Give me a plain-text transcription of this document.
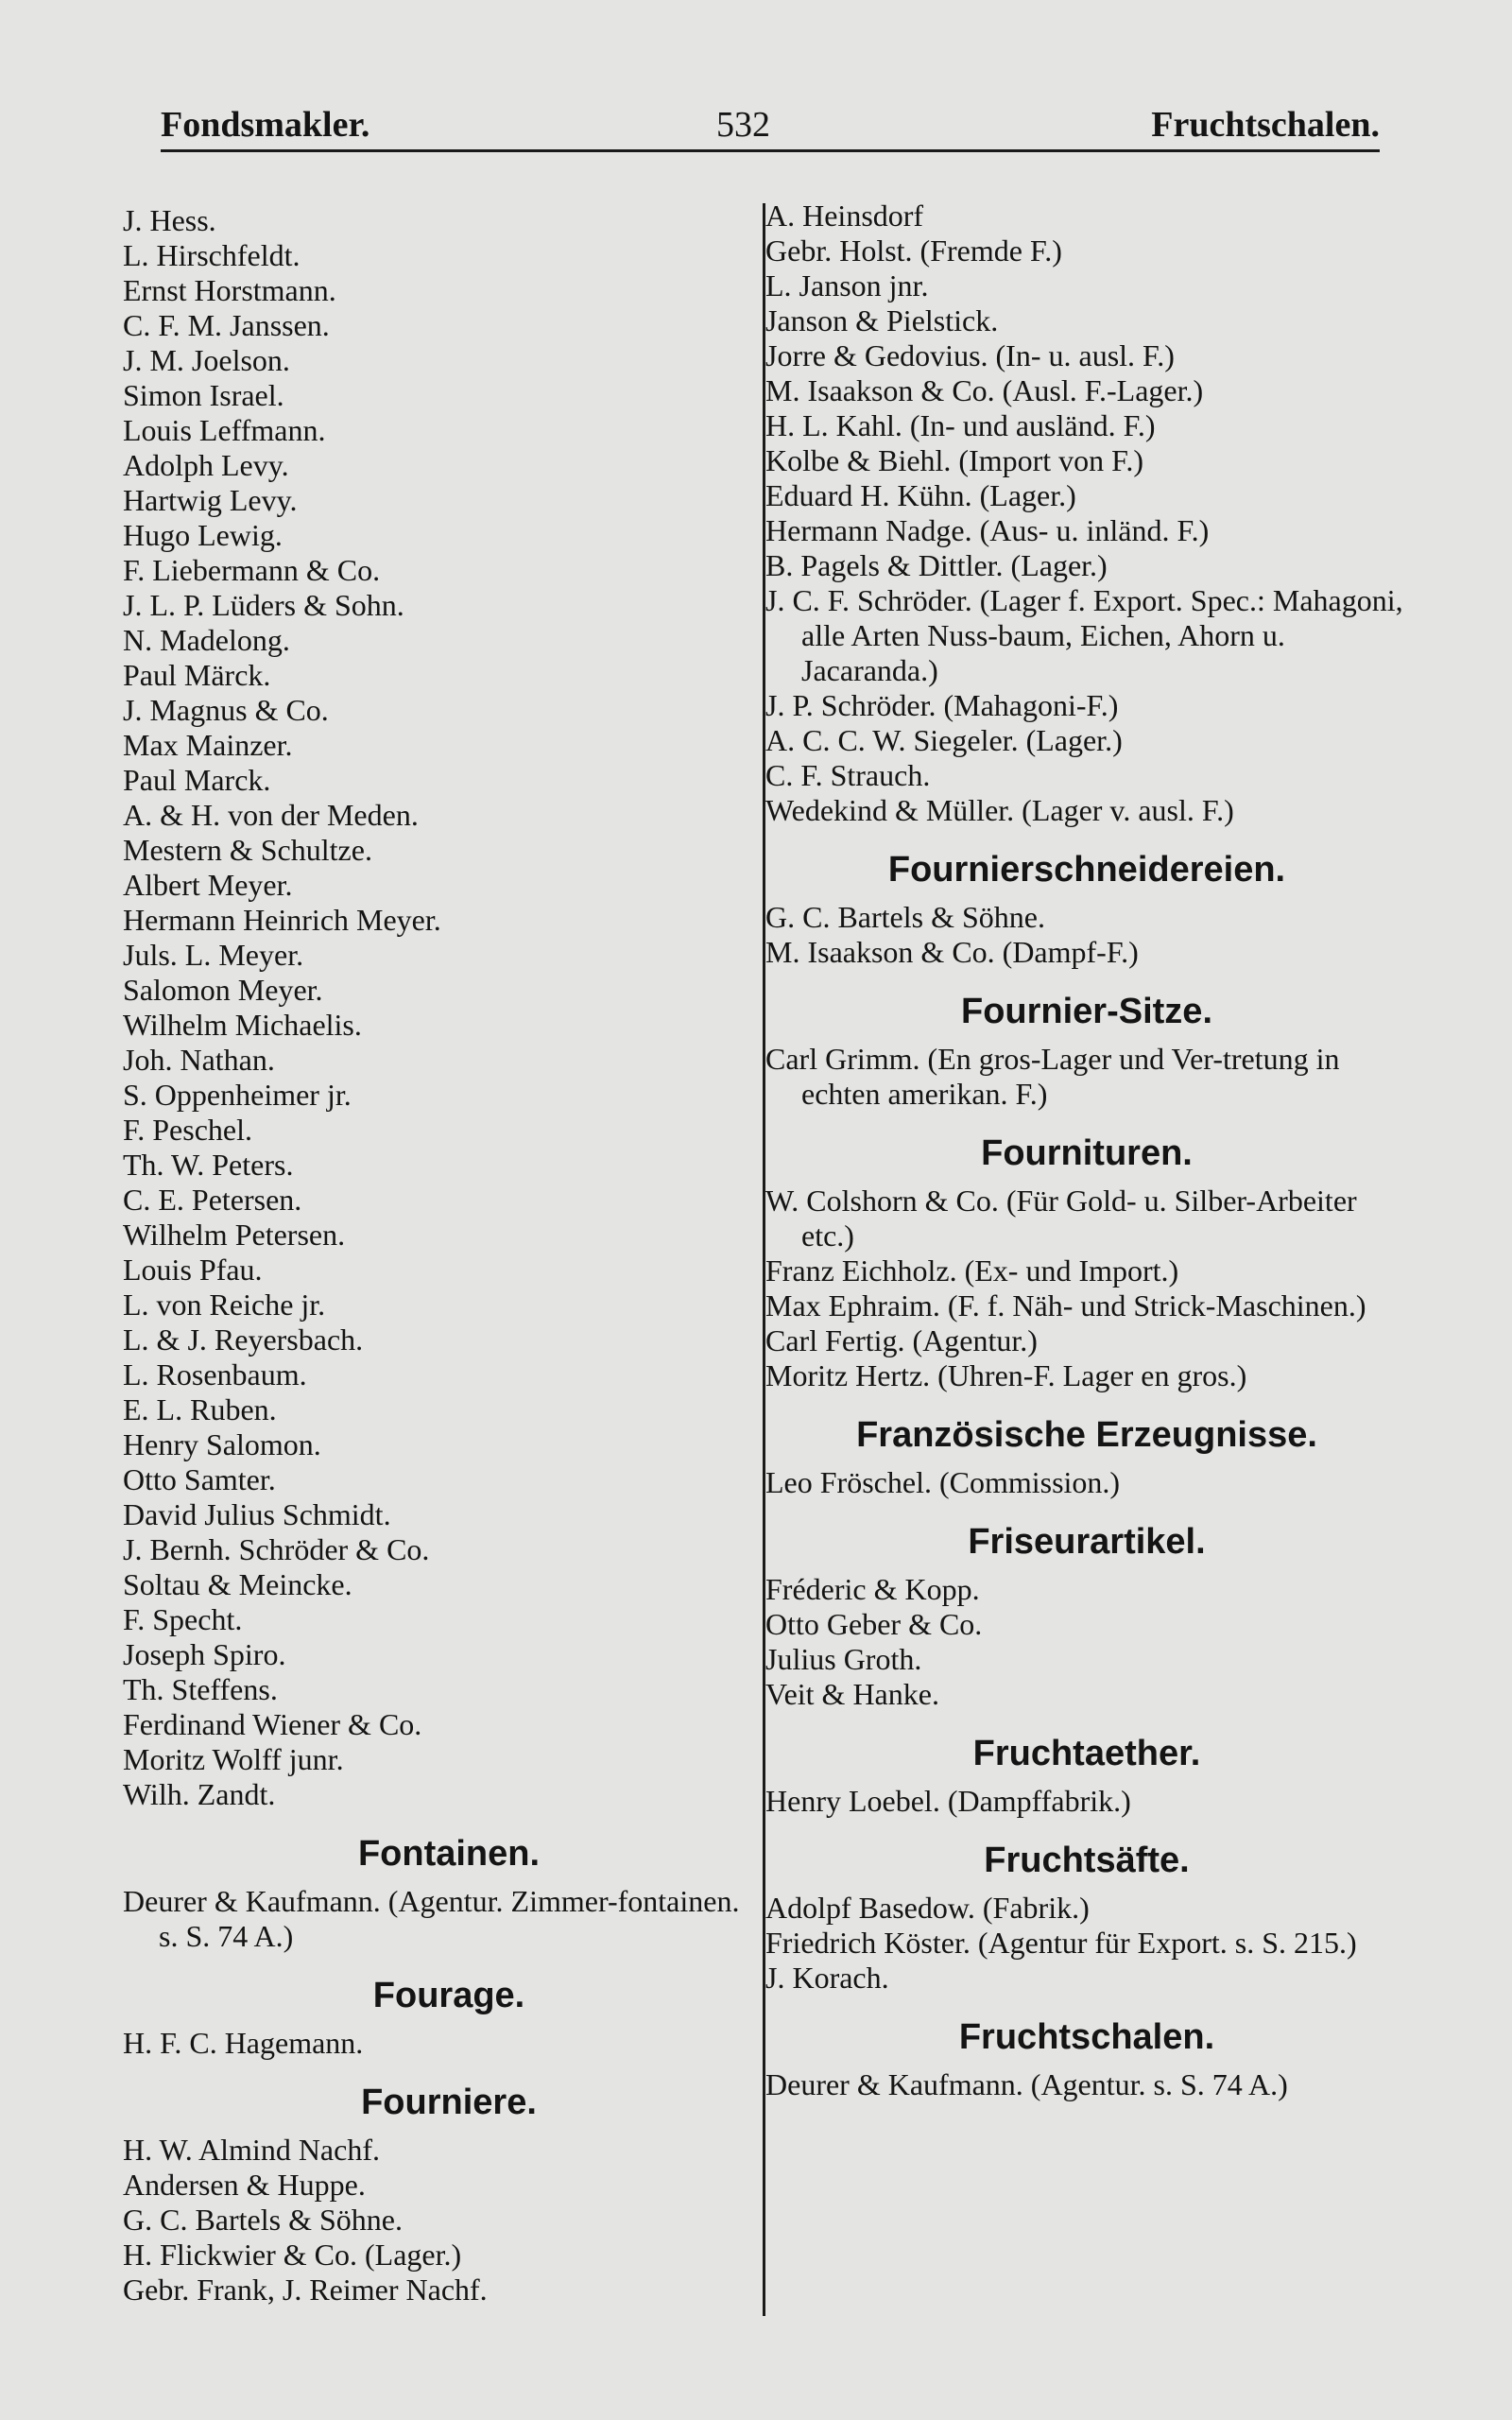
Fondsmakler.	532	Fruchtschalen.
J. Hess.
L. Hirschfeldt.
Ernst Horstmann.
C. F. M. Janssen.
J. M. Joelson.
Simon Israel.
Louis Leffmann.
Adolph Levy.
Hartwig Levy.
Hugo Lewig.
F. Liebermann & Co.
J. L. P. Lüders & Sohn.
N. Madelong.
Paul Märck.
J. Magnus & Co.
Max Mainzer.
Paul Marck.
A. & H. von der Meden.
Mestern & Schultze.
Albert Meyer.
Hermann Heinrich Meyer.
Juls. L. Meyer.
Salomon Meyer.
Wilhelm Michaelis.
Joh. Nathan.
S. Oppenheimer jr.
F. Peschel.
Th. W. Peters.
C. E. Petersen.
Wilhelm Petersen.
Louis Pfau.
L. von Reiche jr.
L. & J. Reyersbach.
L. Rosenbaum.
E. L. Ruben.
Henry Salomon.
Otto Samter.
David Julius Schmidt.
J. Bernh. Schröder & Co.
Soltau & Meincke.
F. Specht.
Joseph Spiro.
Th. Steffens.
Ferdinand Wiener & Co.
Moritz Wolff junr.
Wilh. Zandt.
Fontainen.
Deurer & Kaufmann. (Agentur. Zimmer-fontainen. s. S. 74 A.)
Fourage.
H. F. C. Hagemann.
Fourniere.
H. W. Almind Nachf.
Andersen & Huppe.
G. C. Bartels & Söhne.
H. Flickwier & Co. (Lager.)
Gebr. Frank, J. Reimer Nachf.
A. Heinsdorf
Gebr. Holst. (Fremde F.)
L. Janson jnr.
Janson & Pielstick.
Jorre & Gedovius. (In- u. ausl. F.)
M. Isaakson & Co. (Ausl. F.-Lager.)
H. L. Kahl. (In- und ausländ. F.)
Kolbe & Biehl. (Import von F.)
Eduard H. Kühn. (Lager.)
Hermann Nadge. (Aus- u. inländ. F.)
B. Pagels & Dittler. (Lager.)
J. C. F. Schröder. (Lager f. Export. Spec.: Mahagoni, alle Arten Nuss-baum, Eichen, Ahorn u. Jacaranda.)
J. P. Schröder. (Mahagoni-F.)
A. C. C. W. Siegeler. (Lager.)
C. F. Strauch.
Wedekind & Müller. (Lager v. ausl. F.)
Fournierschneidereien.
G. C. Bartels & Söhne.
M. Isaakson & Co. (Dampf-F.)
Fournier-Sitze.
Carl Grimm. (En gros-Lager und Ver-tretung in echten amerikan. F.)
Fournituren.
W. Colshorn & Co. (Für Gold- u. Silber-Arbeiter etc.)
Franz Eichholz. (Ex- und Import.)
Max Ephraim. (F. f. Näh- und Strick-Maschinen.)
Carl Fertig. (Agentur.)
Moritz Hertz. (Uhren-F. Lager en gros.)
Französische Erzeugnisse.
Leo Fröschel. (Commission.)
Friseurartikel.
Fréderic & Kopp.
Otto Geber & Co.
Julius Groth.
Veit & Hanke.
Fruchtaether.
Henry Loebel. (Dampffabrik.)
Fruchtsäfte.
Adolpf Basedow. (Fabrik.)
Friedrich Köster. (Agentur für Export. s. S. 215.)
J. Korach.
Fruchtschalen.
Deurer & Kaufmann. (Agentur. s. S. 74 A.)
